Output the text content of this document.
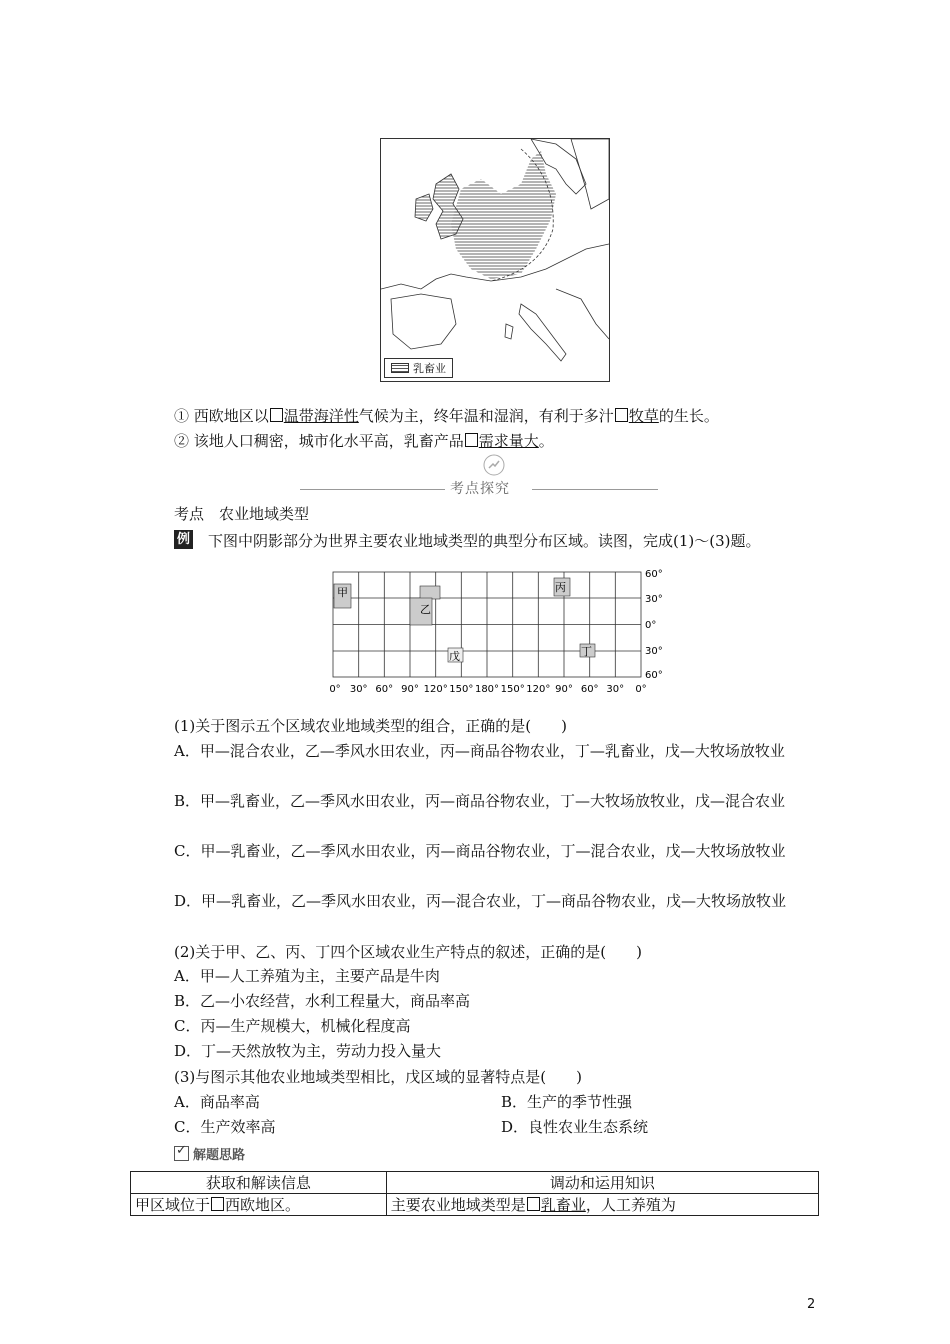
乳畜业
① 西欧地区以 温带海洋性气候为主，终年温和湿润，有利于多汁 牧草的生长。
② 该地人口稠密，城市化水平高，乳畜产品 需求量大。
考点探究
考点　农业地域类型
例 下图中阴影部分为世界主要农业地域类型的典型分布区域。读图，完成(1)～(3)题。
甲
乙
丙
丁
戊
60°
30°
0°
30°
60°
0° 30° 60° 90° 120° 150° 180° 150° 120° 90° 60° 30° 0°
(1)关于图示五个区域农业地域类型的组合，正确的是(　　)
A．甲—混合农业，乙—季风水田农业，丙—商品谷物农业，丁—乳畜业，戊—大牧场放牧业
B．甲—乳畜业，乙—季风水田农业，丙—商品谷物农业，丁—大牧场放牧业，戊—混合农业
C．甲—乳畜业，乙—季风水田农业，丙—商品谷物农业，丁—混合农业，戊—大牧场放牧业
D．甲—乳畜业，乙—季风水田农业，丙—混合农业，丁—商品谷物农业，戊—大牧场放牧业
(2)关于甲、乙、丙、丁四个区域农业生产特点的叙述，正确的是(　　)
A．甲—人工养殖为主，主要产品是牛肉
B．乙—小农经营，水利工程量大，商品率高
C．丙—生产规模大，机械化程度高
D．丁—天然放牧为主，劳动力投入量大
(3)与图示其他农业地域类型相比，戊区域的显著特点是(　　)
A．商品率高	B．生产的季节性强
C．生产效率高	D．良性农业生态系统
✓
解题思路
获取和解读信息	调动和运用知识
甲区域位于 西欧地区。	主要农业地域类型是 乳畜业，人工养殖为
2
